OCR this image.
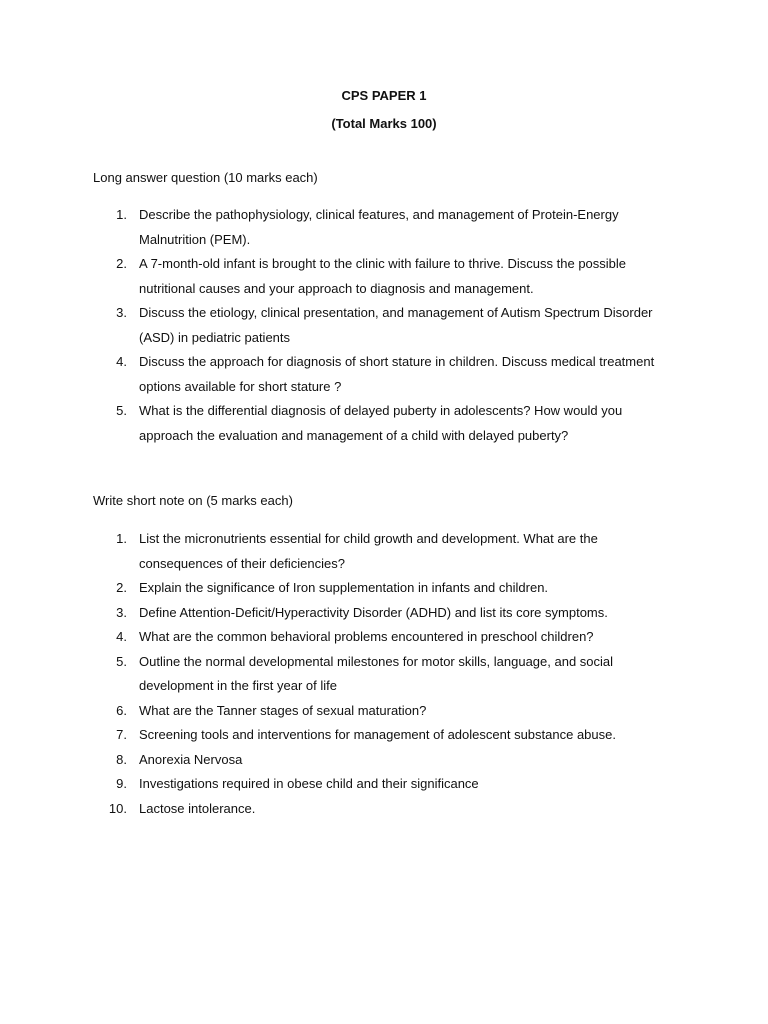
CPS PAPER 1
(Total Marks 100)
Long answer question (10 marks each)
1. Describe the pathophysiology, clinical features, and management of Protein-Energy Malnutrition (PEM).
2. A 7-month-old infant is brought to the clinic with failure to thrive. Discuss the possible nutritional causes and your approach to diagnosis and management.
3. Discuss the etiology, clinical presentation, and management of Autism Spectrum Disorder (ASD) in pediatric patients
4. Discuss the approach for diagnosis of short stature in children. Discuss medical treatment options available for short stature ?
5. What is the differential diagnosis of delayed puberty in adolescents? How would you approach the evaluation and management of a child with delayed puberty?
Write short note on (5 marks each)
1. List the micronutrients essential for child growth and development. What are the consequences of their deficiencies?
2. Explain the significance of Iron supplementation in infants and children.
3. Define Attention-Deficit/Hyperactivity Disorder (ADHD) and list its core symptoms.
4. What are the common behavioral problems encountered in preschool children?
5. Outline the normal developmental milestones for motor skills, language, and social development in the first year of life
6. What are the Tanner stages of sexual maturation?
7. Screening tools and interventions for management of adolescent substance abuse.
8. Anorexia Nervosa
9. Investigations required in obese child and their significance
10. Lactose intolerance.
